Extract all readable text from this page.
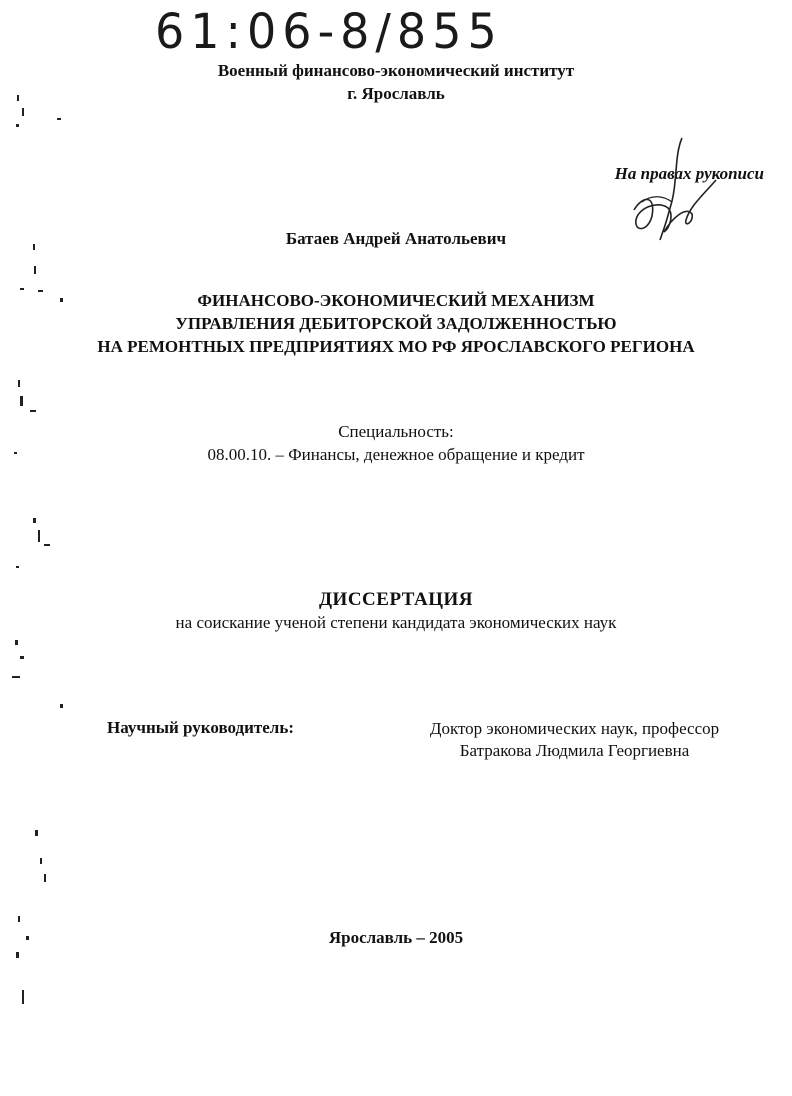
61:06-8/855
Военный финансово-экономический институт
г. Ярославль
На правах рукописи
Батаев Андрей Анатольевич
ФИНАНСОВО-ЭКОНОМИЧЕСКИЙ МЕХАНИЗМ
УПРАВЛЕНИЯ ДЕБИТОРСКОЙ ЗАДОЛЖЕННОСТЬЮ
НА РЕМОНТНЫХ ПРЕДПРИЯТИЯХ МО РФ ЯРОСЛАВСКОГО РЕГИОНА
Специальность:
08.00.10. – Финансы, денежное обращение и кредит
ДИССЕРТАЦИЯ
на соискание ученой степени кандидата экономических наук
Научный руководитель:	Доктор экономических наук, профессор
Батракова Людмила Георгиевна
Ярославль – 2005
